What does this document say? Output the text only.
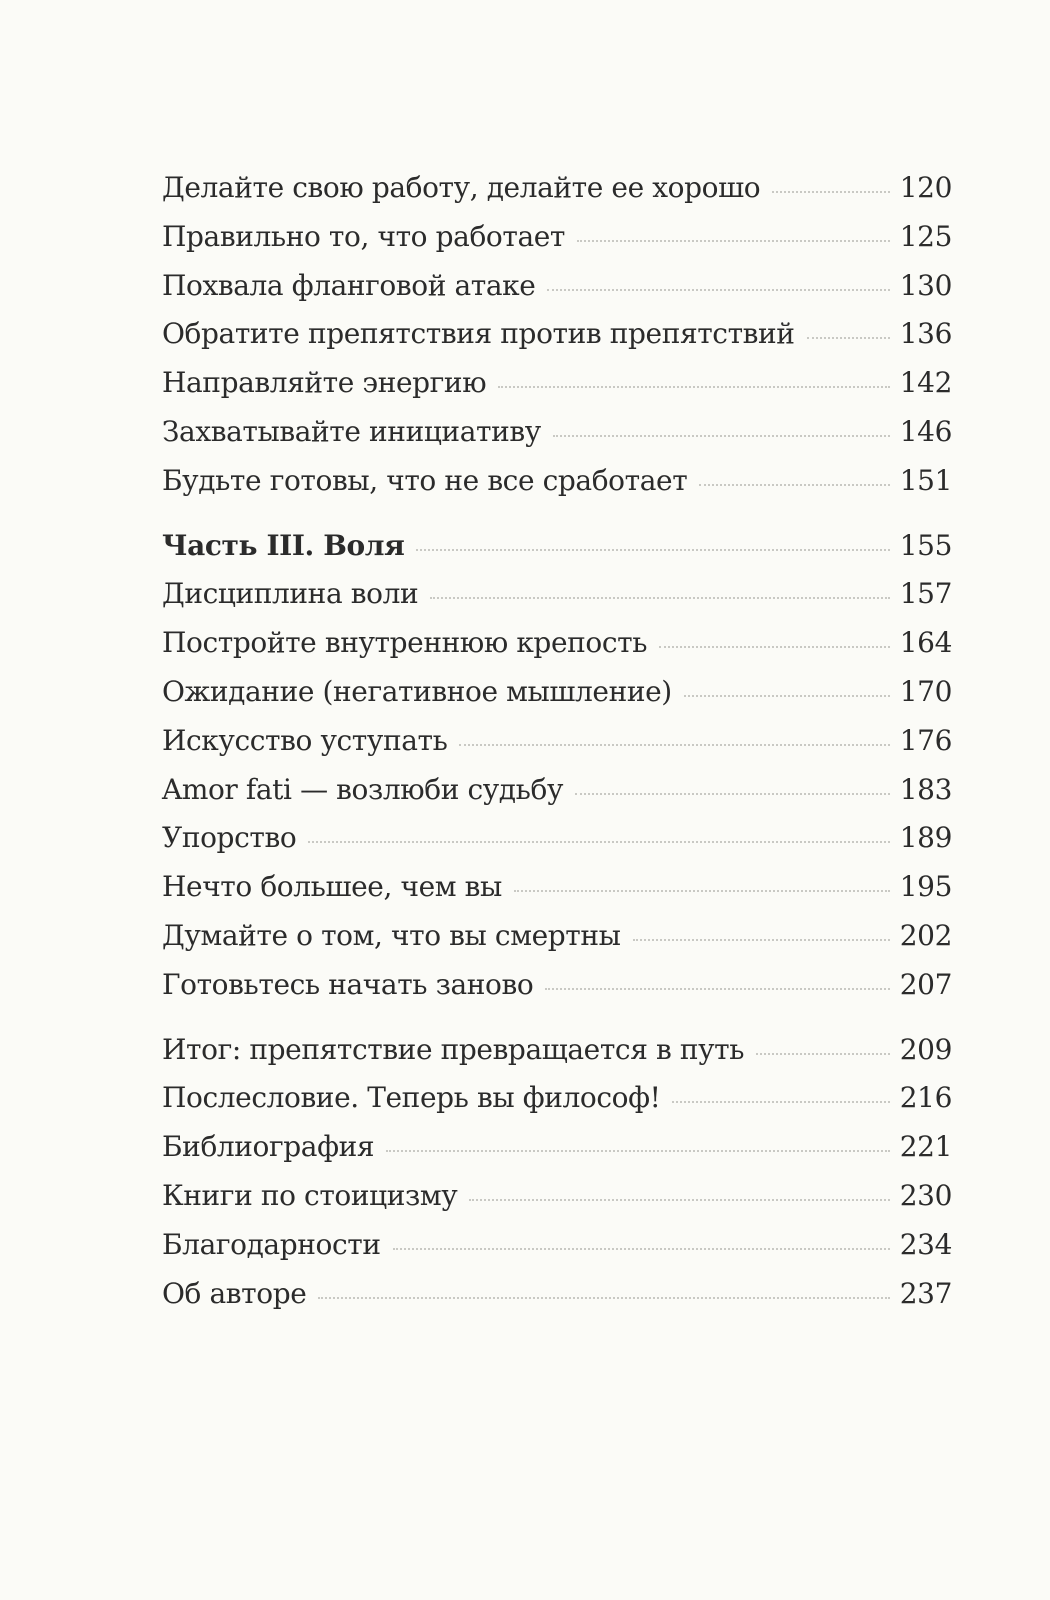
Делайте свою работу, делайте ее хорошо	120
Правильно то, что работает	125
Похвала фланговой атаке	130
Обратите препятствия против препятствий	136
Направляйте энергию	142
Захватывайте инициативу	146
Будьте готовы, что не все сработает	151
Часть III. Воля	155
Дисциплина воли	157
Постройте внутреннюю крепость	164
Ожидание (негативное мышление)	170
Искусство уступать	176
Amor fati — возлюби судьбу	183
Упорство	189
Нечто большее, чем вы	195
Думайте о том, что вы смертны	202
Готовьтесь начать заново	207
Итог: препятствие превращается в путь	209
Послесловие. Теперь вы философ!	216
Библиография	221
Книги по стоицизму	230
Благодарности	234
Об авторе	237
